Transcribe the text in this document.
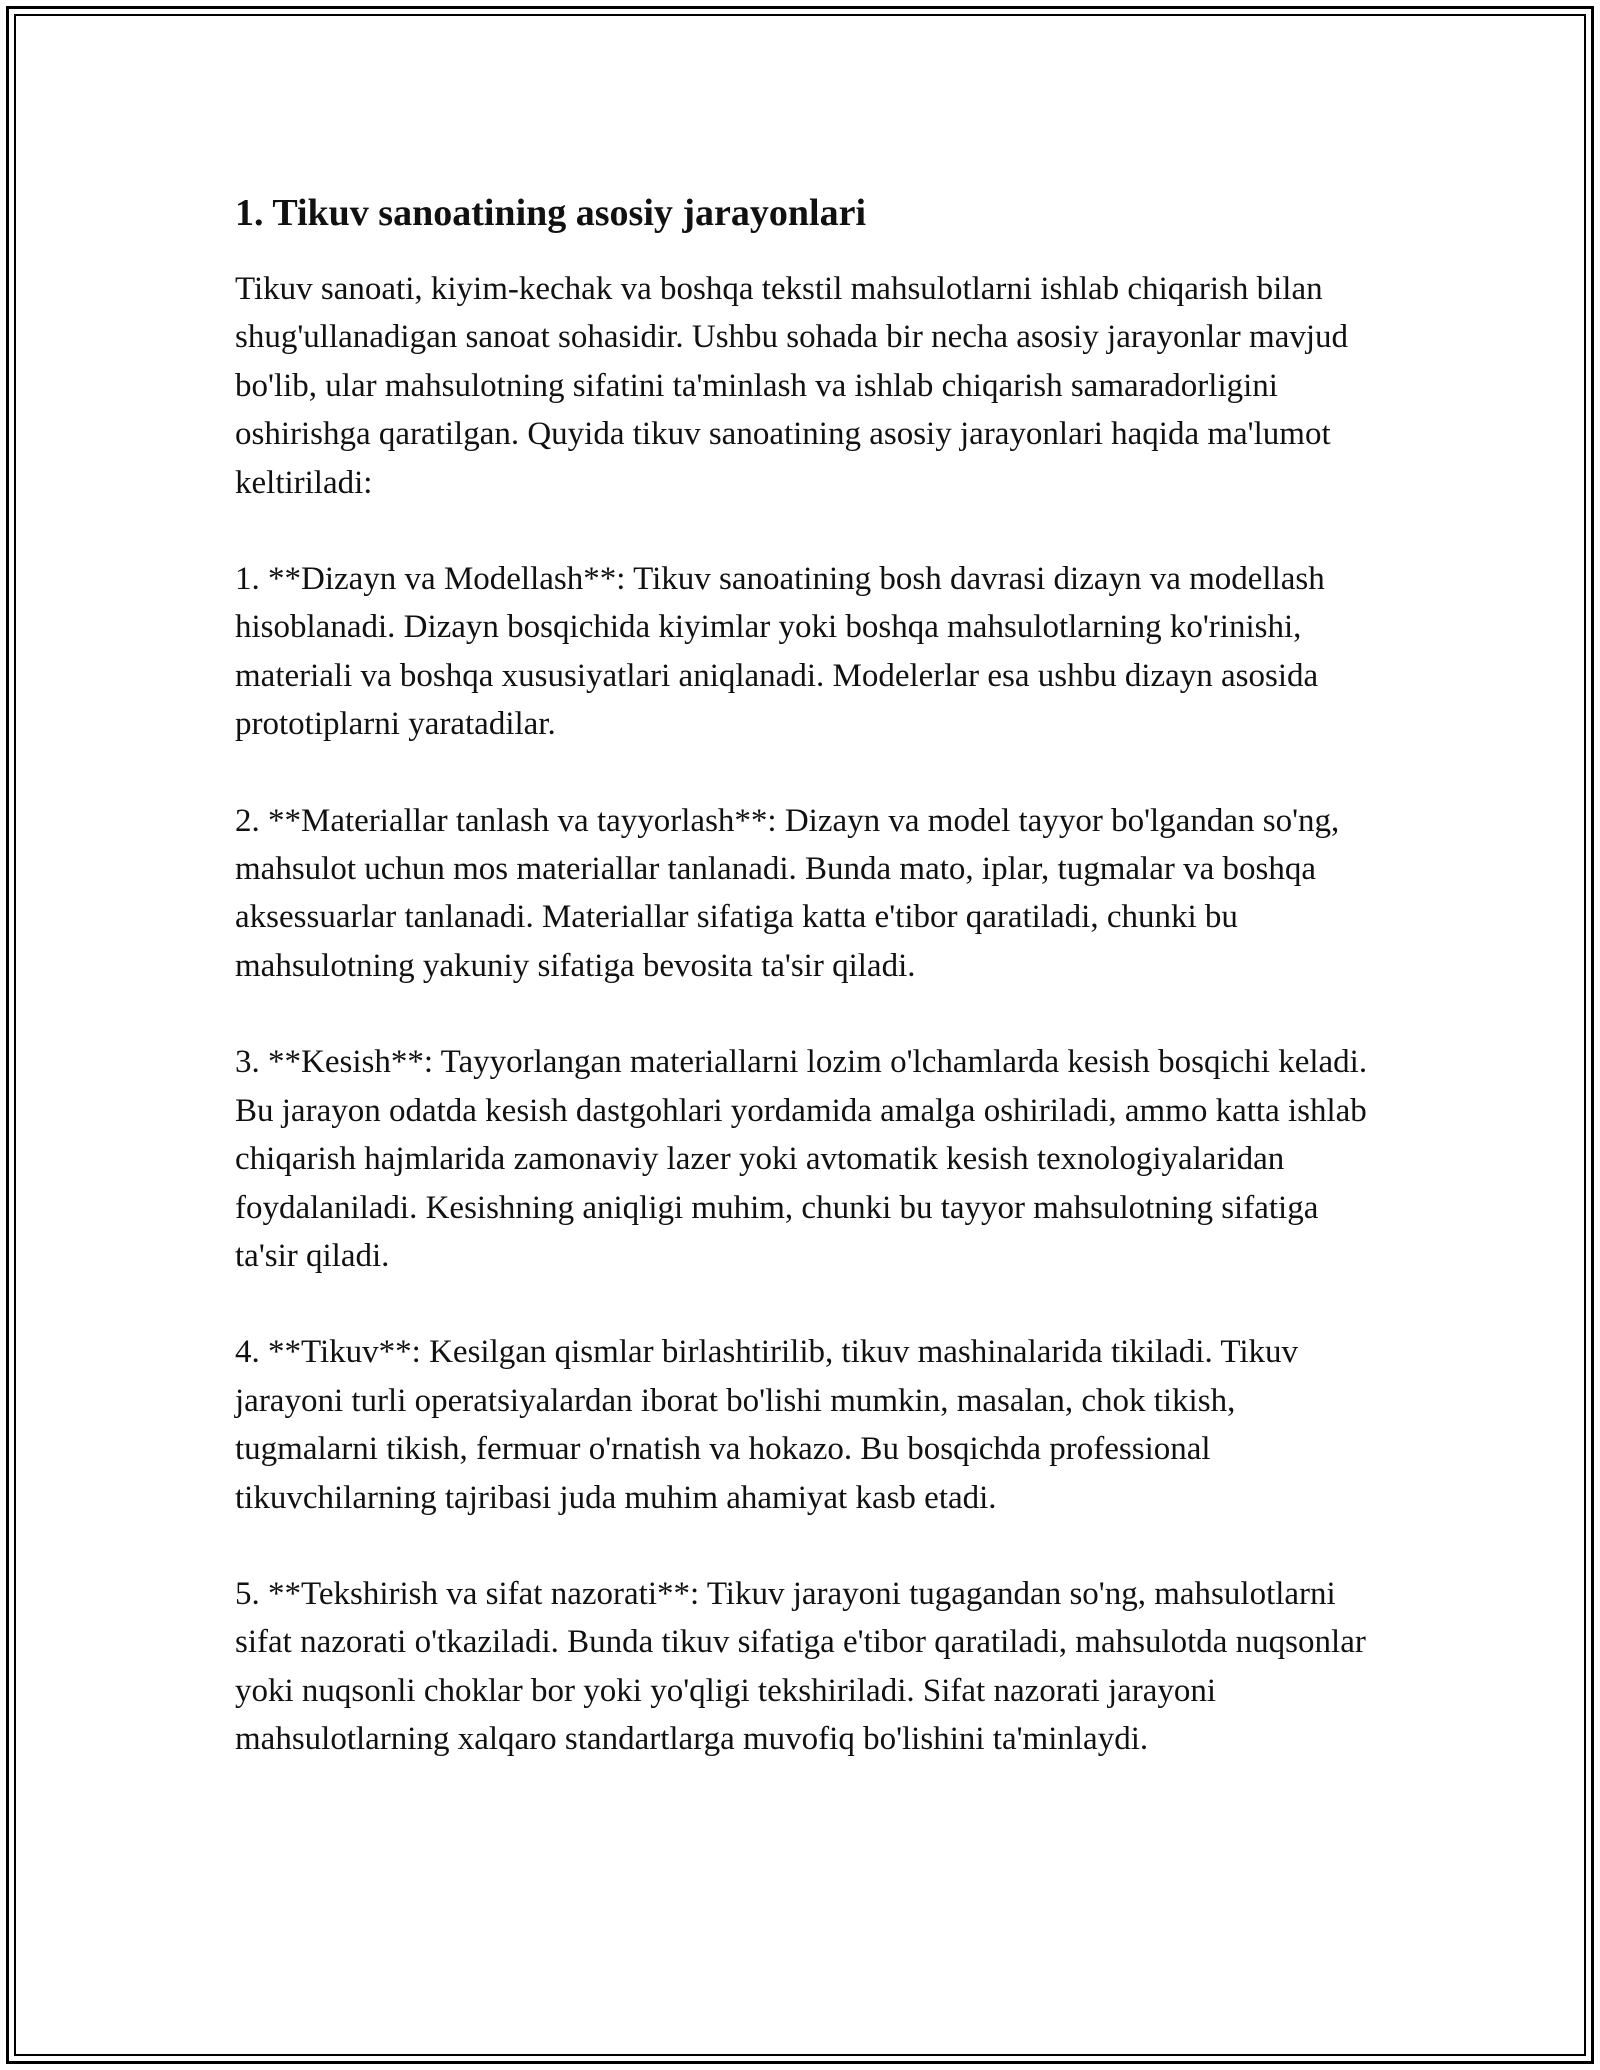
1. Tikuv sanoatining asosiy jarayonlari

Tikuv sanoati, kiyim-kechak va boshqa tekstil mahsulotlarni ishlab chiqarish bilan shug'ullanadigan sanoat sohasidir. Ushbu sohada bir necha asosiy jarayonlar mavjud bo'lib, ular mahsulotning sifatini ta'minlash va ishlab chiqarish samaradorligini oshirishga qaratilgan. Quyida tikuv sanoatining asosiy jarayonlari haqida ma'lumot keltiriladi:

1. **Dizayn va Modellash**: Tikuv sanoatining bosh davrasi dizayn va modellash hisoblanadi. Dizayn bosqichida kiyimlar yoki boshqa mahsulotlarning ko'rinishi, materiali va boshqa xususiyatlari aniqlanadi. Modelerlar esa ushbu dizayn asosida prototiplarni yaratadilar.

2. **Materiallar tanlash va tayyorlash**: Dizayn va model tayyor bo'lgandan so'ng, mahsulot uchun mos materiallar tanlanadi. Bunda mato, iplar, tugmalar va boshqa aksessuarlar tanlanadi. Materiallar sifatiga katta e'tibor qaratiladi, chunki bu mahsulotning yakuniy sifatiga bevosita ta'sir qiladi.

3. **Kesish**: Tayyorlangan materiallarni lozim o'lchamlarda kesish bosqichi keladi. Bu jarayon odatda kesish dastgohlari yordamida amalga oshiriladi, ammo katta ishlab chiqarish hajmlarida zamonaviy lazer yoki avtomatik kesish texnologiyalaridan foydalaniladi. Kesishning aniqligi muhim, chunki bu tayyor mahsulotning sifatiga ta'sir qiladi.

4. **Tikuv**: Kesilgan qismlar birlashtirilib, tikuv mashinalarida tikiladi. Tikuv jarayoni turli operatsiyalardan iborat bo'lishi mumkin, masalan, chok tikish, tugmalarni tikish, fermuar o'rnatish va hokazo. Bu bosqichda professional tikuvchilarning tajribasi juda muhim ahamiyat kasb etadi.

5. **Tekshirish va sifat nazorati**: Tikuv jarayoni tugagandan so'ng, mahsulotlarni sifat nazorati o'tkaziladi. Bunda tikuv sifatiga e'tibor qaratiladi, mahsulotda nuqsonlar yoki nuqsonli choklar bor yoki yo'qligi tekshiriladi. Sifat nazorati jarayoni mahsulotlarning xalqaro standartlarga muvofiq bo'lishini ta'minlaydi.
